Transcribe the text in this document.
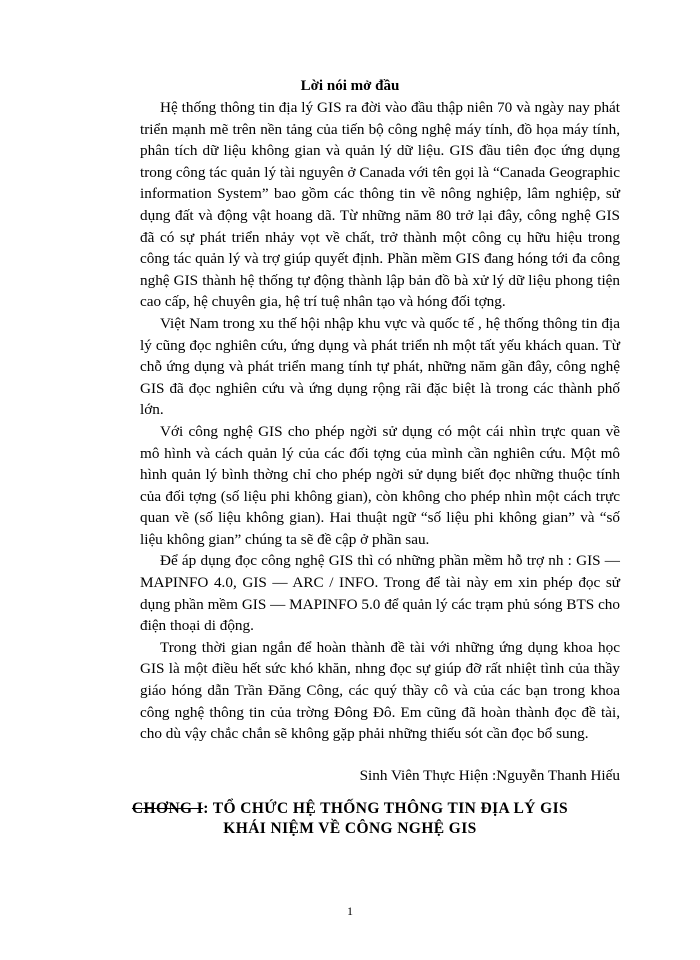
Lời nói mở đầu

Hệ thống thông tin địa lý GIS ra đời vào đầu thập niên 70 và ngày nay phát triển mạnh mẽ trên nền tảng của tiến bộ công nghệ máy tính, đồ họa máy tính, phân tích dữ liệu không gian và quản lý dữ liệu. GIS đầu tiên đọc ứng dụng trong công tác quản lý tài nguyên ở Canada với tên gọi là “Canada Geographic information System” bao gồm các thông tin về nông nghiệp, lâm nghiệp, sử dụng đất và động vật hoang dã. Từ những năm 80 trở lại đây, công nghệ GIS đã có sự phát triển nhảy vọt về chất, trở thành một công cụ hữu hiệu trong công tác quản lý và trợ giúp quyết định. Phần mềm GIS đang hóng tới đa công nghệ GIS thành hệ thống tự động thành lập bản đồ bà xử lý dữ liệu phong tiện cao cấp, hệ chuyên gia, hệ trí tuệ nhân tạo và hóng đối tợng.

Việt Nam trong xu thế hội nhập khu vực và quốc tế , hệ thống thông tin địa lý cũng đọc nghiên cứu, ứng dụng và phát triển nh một tất yếu khách quan. Từ chỗ ứng dụng và phát triển mang tính tự phát, những năm gần đây, công nghệ GIS đã đọc nghiên cứu và ứng dụng rộng rãi đặc biệt là trong các thành phố lớn.

Với công nghệ GIS cho phép ngời sử dụng có một cái nhìn trực quan về mô hình và cách quản lý của các đối tợng của mình cần nghiên cứu. Một mô hình quản lý bình thờng chỉ cho phép ngời sử dụng biết đọc những thuộc tính của đối tợng (số liệu phi không gian), còn không cho phép nhìn một cách trực quan về (số liệu không gian). Hai thuật ngữ “số liệu phi không gian” và “số liệu không gian” chúng ta sẽ đề cập ở phần sau.

Để áp dụng đọc công nghệ GIS thì có những phần mềm hỗ trợ nh : GIS — MAPINFO 4.0, GIS — ARC / INFO. Trong để tài này em xin phép đọc sử dụng phần mềm GIS — MAPINFO 5.0 để quản lý các trạm phủ sóng BTS cho điện thoại di động.

Trong thời gian ngắn để hoàn thành đề tài với những ứng dụng khoa học GIS là một điều hết sức khó khăn, nhng đọc sự giúp đỡ rất nhiệt tình của thầy giáo hóng dẫn Trần Đăng Công, các quý thầy cô và của các bạn trong khoa công nghệ thông tin của trờng Đông Đô. Em cũng đã hoàn thành đọc đề tài, cho dù vậy chắc chắn sẽ không gặp phải những thiếu sót cần đọc bổ sung.

Sinh Viên Thực Hiện :Nguyễn Thanh Hiếu

CHƠNG I: TỔ CHỨC HỆ THỐNG THÔNG TIN ĐỊA LÝ GIS

KHÁI NIỆM VỀ CÔNG NGHỆ GIS

1
